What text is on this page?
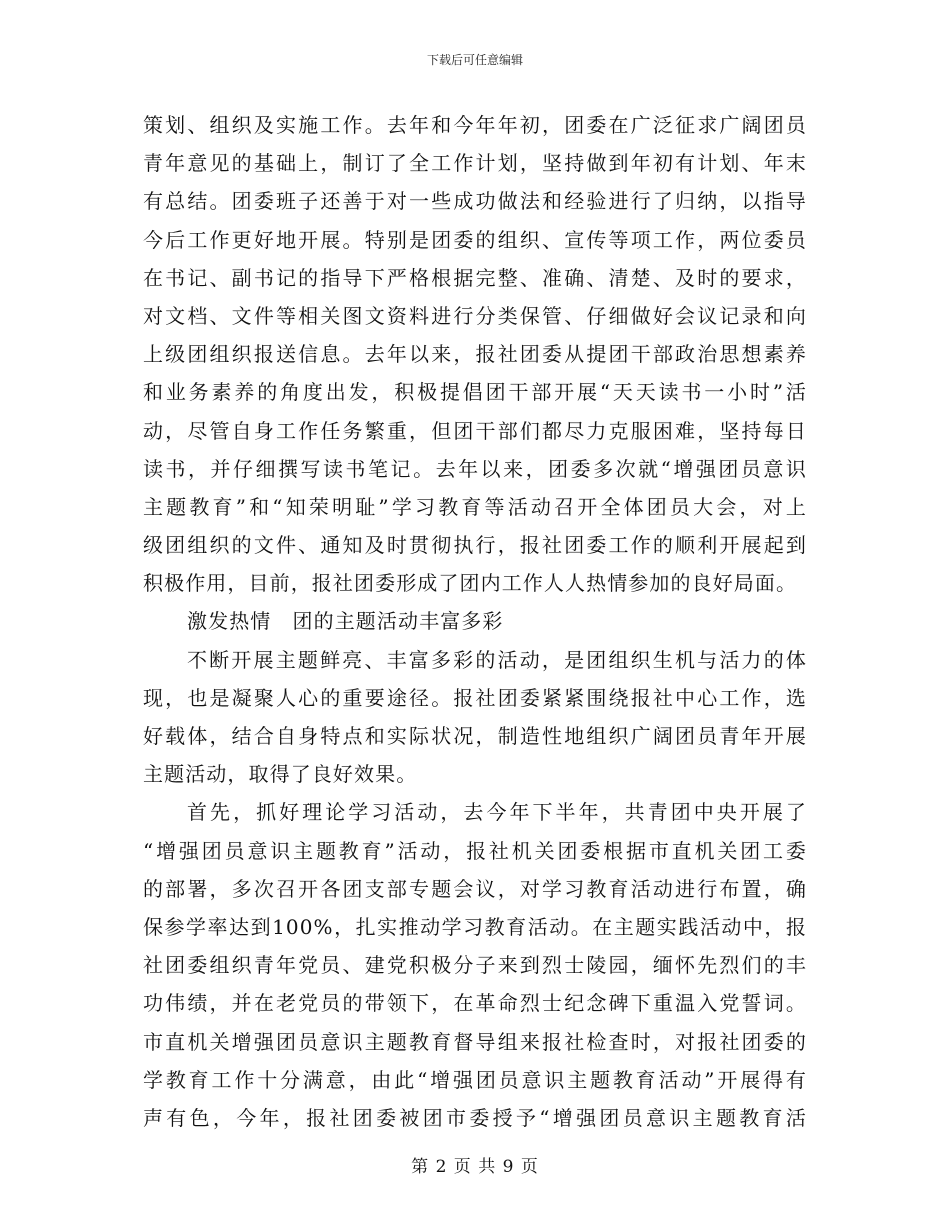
下载后可任意编辑
策划、组织及实施工作。去年和今年年初，团委在广泛征求广阔团员
青年意见的基础上，制订了全工作计划，坚持做到年初有计划、年末
有总结。团委班子还善于对一些成功做法和经验进行了归纳，以指导
今后工作更好地开展。特别是团委的组织、宣传等项工作，两位委员
在书记、副书记的指导下严格根据完整、准确、清楚、及时的要求，
对文档、文件等相关图文资料进行分类保管、仔细做好会议记录和向
上级团组织报送信息。去年以来，报社团委从提团干部政治思想素养
和业务素养的角度出发，积极提倡团干部开展“天天读书一小时”活
动，尽管自身工作任务繁重，但团干部们都尽力克服困难，坚持每日
读书，并仔细撰写读书笔记。去年以来，团委多次就“增强团员意识
主题教育”和“知荣明耻”学习教育等活动召开全体团员大会，对上
级团组织的文件、通知及时贯彻执行，报社团委工作的顺利开展起到
积极作用，目前，报社团委形成了团内工作人人热情参加的良好局面。
激发热情　团的主题活动丰富多彩
不断开展主题鲜亮、丰富多彩的活动，是团组织生机与活力的体
现，也是凝聚人心的重要途径。报社团委紧紧围绕报社中心工作，选
好载体，结合自身特点和实际状况，制造性地组织广阔团员青年开展
主题活动，取得了良好效果。
首先，抓好理论学习活动，去今年下半年，共青团中央开展了
“增强团员意识主题教育”活动，报社机关团委根据市直机关团工委
的部署，多次召开各团支部专题会议，对学习教育活动进行布置，确
保参学率达到100%，扎实推动学习教育活动。在主题实践活动中，报
社团委组织青年党员、建党积极分子来到烈士陵园，缅怀先烈们的丰
功伟绩，并在老党员的带领下，在革命烈士纪念碑下重温入党誓词。
市直机关增强团员意识主题教育督导组来报社检查时，对报社团委的
学教育工作十分满意，由此“增强团员意识主题教育活动”开展得有
声有色，今年，报社团委被团市委授予“增强团员意识主题教育活
第 2 页 共 9 页
